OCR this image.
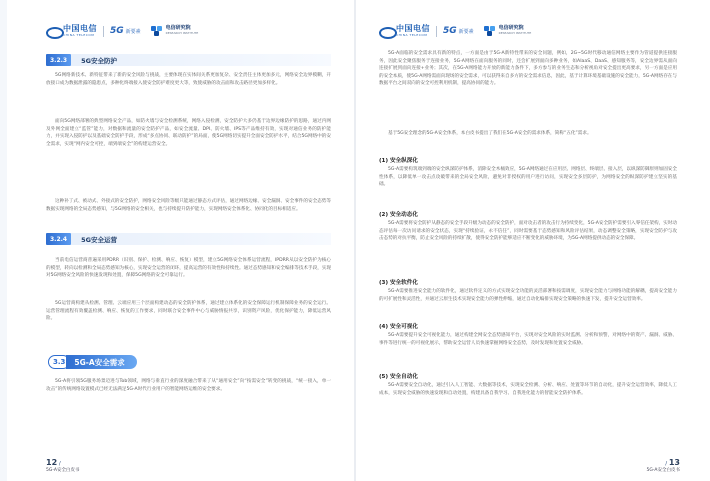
中国电信
CHINA TELECOM 5G 新要素
电信研究院
RESEARCH INSTITUTE
3.2.3	5G安全防护

5G网络新技术、新特征带来了新的安全风险与挑战，主要体现在实体间关系更加复杂、安全责任主体更加多元，网络安全边界模糊，开放接口成为数据泄露的隐患点，多种化终端接入使安全防护难度更大等，致使威胁的攻击面和攻击路径更加多样化。

面向5G网络部署的典型网络安全产品，如防火墙与安全检测系统，网络入侵检测，安全防护大多仍基于边界边缘防护的思路，通过内网及外网全面建立“监管”能力，对数据和流量的安全防护产品，如安全流量、DPI、防火墙、IPS等产品维持有效，实现对通信业务的防护能力，并实现入侵防护以及基础安全防护手段，形成“多点协同、联动防护”的局面，使5G网络切实提升全面安全防护水平，结合5G网络中的安全需求，实现“网内安全可控，端到端安全”的构建运营安全。

这种补丁式、被动式、外接式的安全防护，网络安全风险等级只能通过静态方式评估，通过网络边缘、安全漏洞、安全事件的安全态势等数据实现网络的全局态势感知，与5G网络的安全相关，也与持续提升防护能力，实现网络安全体系化、协同化的目标相适应。

3.2.4	5G安全运营

当前电信运营商普遍采用PDRR（识别、保护、检测、响应、恢复）模型，建立5G网络安全体系运营流程，IPDRR从以安全防护为核心的模型，转向以检测和全局态势感知为核心，实现安全运营的闭环，提高运营的有效性和持续性。通过态势感知和安全编排等技术手段，实现对5G网络安全风险的快速发现和处置，保障5G网络的安全可靠运行。

5G运营商构建从检测、管理、云端应用三个层面构建动态的安全防护体系，通过建立体系化的安全保障运行机制保障业务的安全运行。运营管理流程有效覆盖检测、响应、恢复的工作要求，同时联合安全事件中心与威胁情报共享，识别资产风险，优化保护能力，降低运营风险。

3.3	5G-A安全需求

5G-A将引领5G服务场景迈进与Tob领域，网络与垂直行业的深度融合带来了从“通用安全”向“按需安全”转变的挑战，“统一接入，单一攻击”的传统网络设置模式已经无法满足5G-A时代行业用户的智能网络运维的安全要求。

12 /
5G-A安全白皮书
中国电信
CHINA TELECOM 5G 新要素
电信研究院
RESEARCH INSTITUTE

5G-A面临的安全需求具有新的特点，一方面是由于5G-A新特性带来的安全问题，例如，2G~5G时代移动通信网络主要作为管道提供连接服务，因此安全聚焦服务于连接业务，5G-A网络在面向服务的同时，还会扩展到面向多种业务，如AIaaS、DaaS、感知服务等，安全边界需从面向连接扩展到面向连接+业务；其次，在5G-A网络能力开放的新能力条件下，多方参与的业务生态和分析视角对安全提出更高要求，另一方面是应用的安全本质，使5G-A网络需面向现场的安全需求，可以获得来自多方的安全需求信息，因此，基于计算环境基础设施的安全能力，5G-A网络存在与数据平台之间双向的安全可控利用机制，提高协同的能力。

基于5G安全理念的5G-A安全体系，本白皮书提出了我们在5G-A安全的需求体系，简称“五化”需求。

(1) 安全纵深化

5G-A需要构筑端到端的安全纵深防护体系，消除安全木桶效应，5G-A网络通过在应用层、网络层、终端层、接入层，以纵深防御原则加固安全性体系，以降低单一攻击点攻破带来的全局安全风险，避免对非授权的用户进行访问，实现安全多层防护，为网络安全的纵深防护建立坚实的基础。

(2) 安全动态化

5G-A需要将安全防护从静态的安全手段升级为动态的安全防护，面对攻击者的攻击行为持续变化，5G-A安全防护需要引入零信任架构，实时动态评估每一次访问请求的安全状态，实现“持续验证，永不信任”，同时需要基于态势感知和风险评估结果，动态调整安全策略，实现安全防护与攻击态势的对抗平衡，防止安全风险的持续扩散，使得安全防护能够适应不断变化的威胁环境，为5G-A网络提供动态的安全保障。

(3) 安全软件化

5G-A需要推进安全能力的软件化，通过软件定义的方式实现安全功能的灵活部署和按需调度，实现安全能力与网络功能的解耦，提高安全能力的可扩展性和灵活性，并通过云原生技术实现安全能力的弹性伸缩，通过自动化编排实现安全策略的快速下发，提升安全运营效率。

(4) 安全可视化

5G-A需要提升安全可视化能力，通过构建全网安全态势感知平台，实现对安全风险的实时监测、分析和预警，对网络中的资产、漏洞、威胁、事件等进行统一的可视化展示，帮助安全运营人员快速掌握网络安全态势，及时发现和处置安全威胁。

(5) 安全自动化

5G-A需要安全自动化，通过引入人工智能、大数据等技术，实现安全检测、分析、响应、处置等环节的自动化，提升安全运营效率，降低人工成本，实现安全威胁的快速发现和自动处置，构建具备自我学习、自我进化能力的智能安全防护体系。

/ 13
5G-A安全白皮书
